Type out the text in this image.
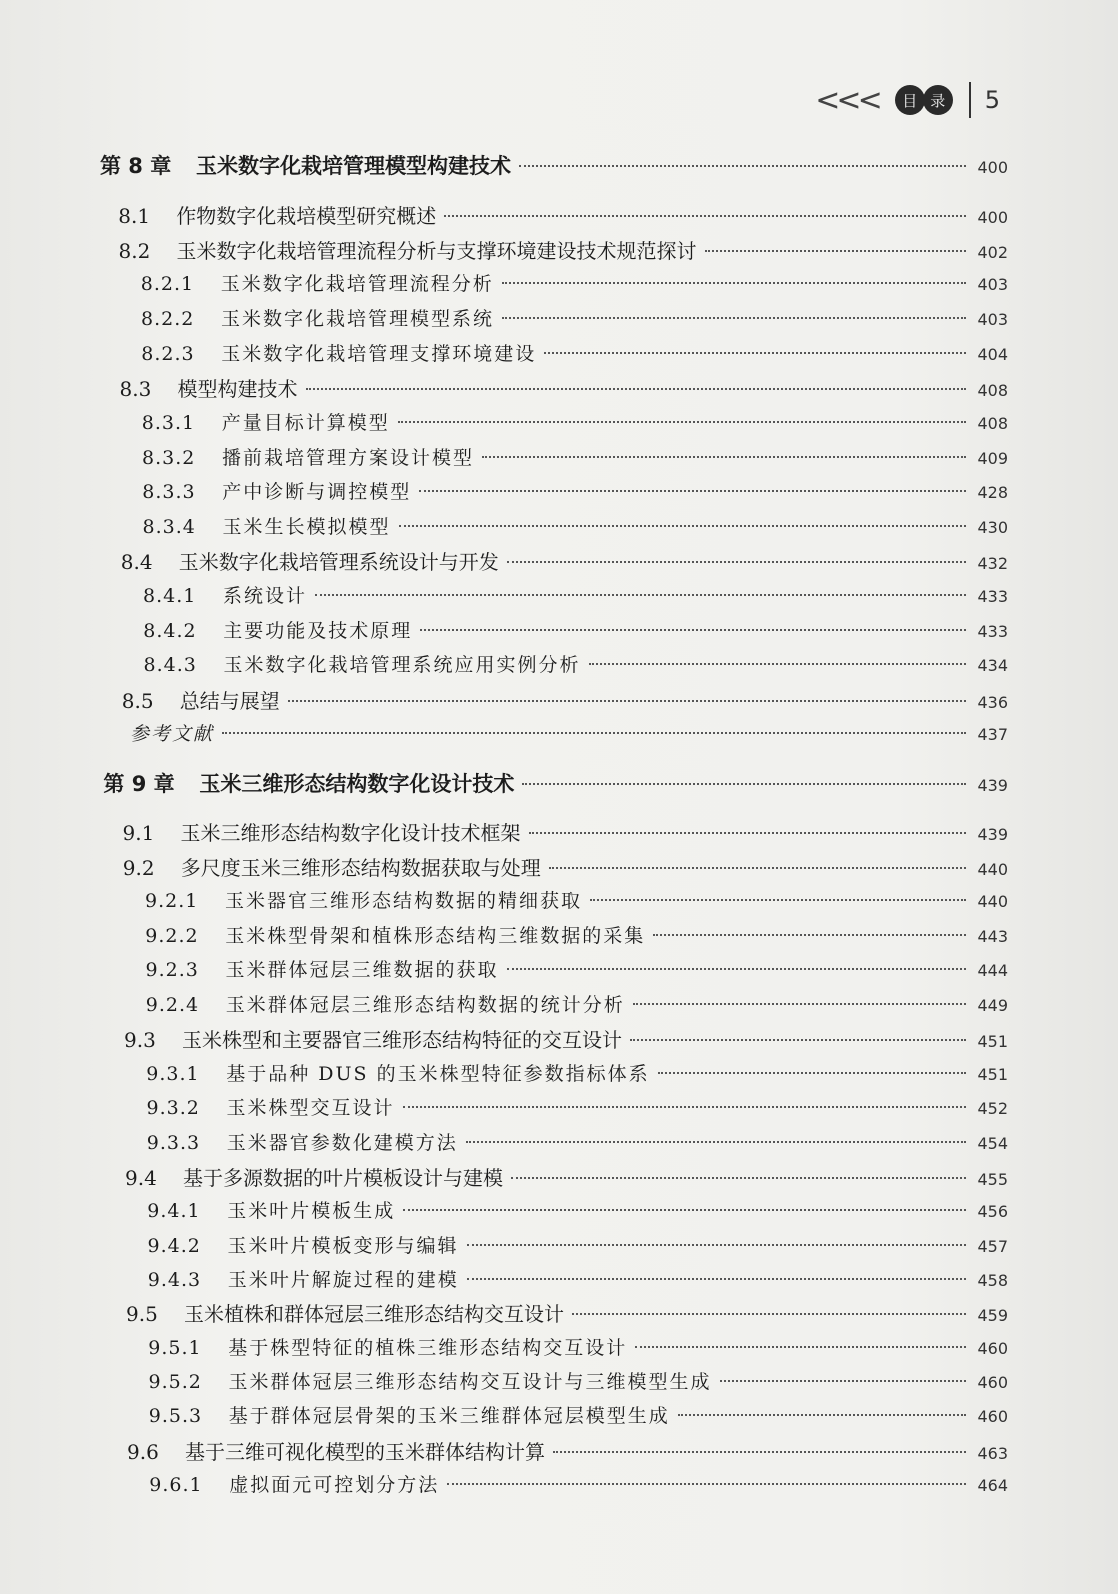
<<<	目 录	5
第 8 章	玉米数字化栽培管理模型构建技术	400
8.1	作物数字化栽培模型研究概述	400
8.2	玉米数字化栽培管理流程分析与支撑环境建设技术规范探讨	402
8.2.1	玉米数字化栽培管理流程分析	403
8.2.2	玉米数字化栽培管理模型系统	403
8.2.3	玉米数字化栽培管理支撑环境建设	404
8.3	模型构建技术	408
8.3.1	产量目标计算模型	408
8.3.2	播前栽培管理方案设计模型	409
8.3.3	产中诊断与调控模型	428
8.3.4	玉米生长模拟模型	430
8.4	玉米数字化栽培管理系统设计与开发	432
8.4.1	系统设计	433
8.4.2	主要功能及技术原理	433
8.4.3	玉米数字化栽培管理系统应用实例分析	434
8.5	总结与展望	436
参考文献	437
第 9 章	玉米三维形态结构数字化设计技术	439
9.1	玉米三维形态结构数字化设计技术框架	439
9.2	多尺度玉米三维形态结构数据获取与处理	440
9.2.1	玉米器官三维形态结构数据的精细获取	440
9.2.2	玉米株型骨架和植株形态结构三维数据的采集	443
9.2.3	玉米群体冠层三维数据的获取	444
9.2.4	玉米群体冠层三维形态结构数据的统计分析	449
9.3	玉米株型和主要器官三维形态结构特征的交互设计	451
9.3.1	基于品种 DUS 的玉米株型特征参数指标体系	451
9.3.2	玉米株型交互设计	452
9.3.3	玉米器官参数化建模方法	454
9.4	基于多源数据的叶片模板设计与建模	455
9.4.1	玉米叶片模板生成	456
9.4.2	玉米叶片模板变形与编辑	457
9.4.3	玉米叶片解旋过程的建模	458
9.5	玉米植株和群体冠层三维形态结构交互设计	459
9.5.1	基于株型特征的植株三维形态结构交互设计	460
9.5.2	玉米群体冠层三维形态结构交互设计与三维模型生成	460
9.5.3	基于群体冠层骨架的玉米三维群体冠层模型生成	460
9.6	基于三维可视化模型的玉米群体结构计算	463
9.6.1	虚拟面元可控划分方法	464
